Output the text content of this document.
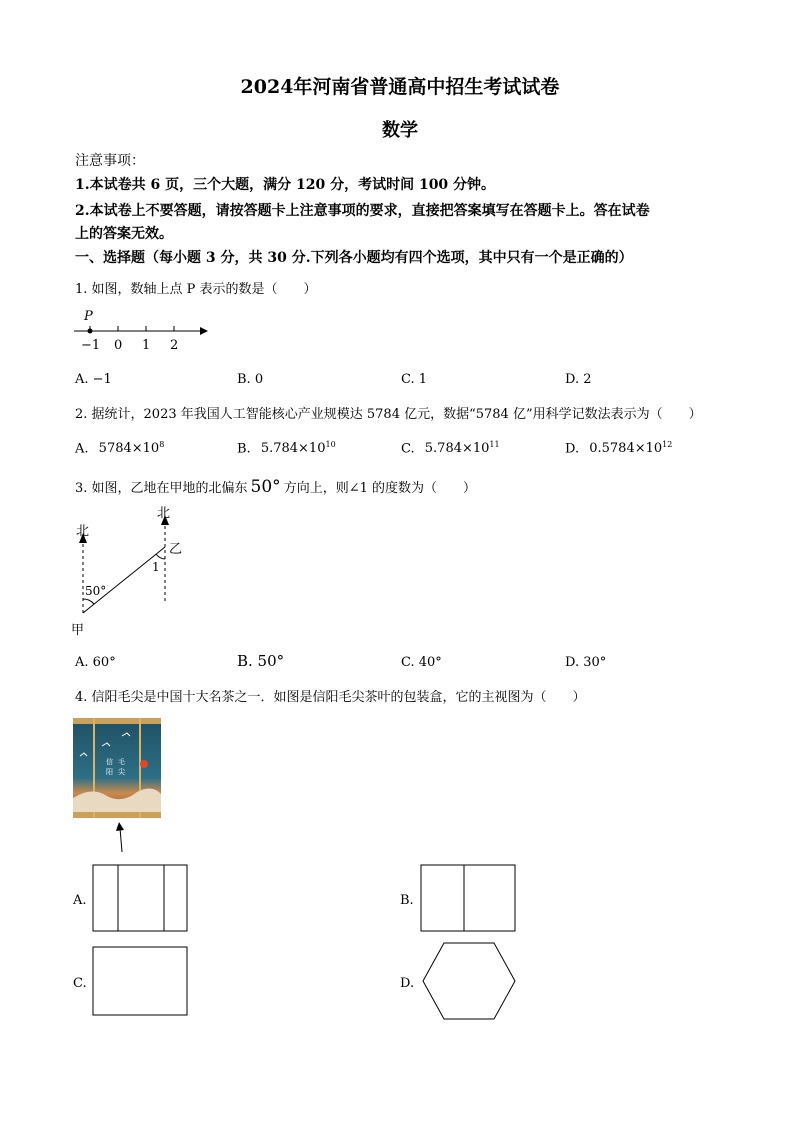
2024年河南省普通高中招生考试试卷
数学
注意事项：
1.本试卷共 6 页，三个大题，满分 120 分，考试时间 100 分钟。
2.本试卷上不要答题，请按答题卡上注意事项的要求，直接把答案填写在答题卡上。答在试卷
上的答案无效。
一、选择题（每小题 3 分，共 30 分.下列各小题均有四个选项，其中只有一个是正确的）
1. 如图，数轴上点 P 表示的数是（　　）
P
−1 0 1 2
A. −1	B. 0	C. 1	D. 2
2. 据统计，2023 年我国人工智能核心产业规模达 5784 亿元，数据“5784 亿”用科学记数法表示为（　　）
A. $5784\times 10^8$	B. $5.784\times 10^{10}$	C. $5.784\times 10^{11}$	D. $0.5784\times 10^{12}$
3. 如图，乙地在甲地的北偏东 50° 方向上，则∠1 的度数为（　　）
北
北
乙
甲
50°
1
A. 60°	B. 50°	C. 40°	D. 30°
4. 信阳毛尖是中国十大名茶之一．如图是信阳毛尖茶叶的包装盒，它的主视图为（　　）
信
阳
毛
尖
A.	B.
C.	D.
